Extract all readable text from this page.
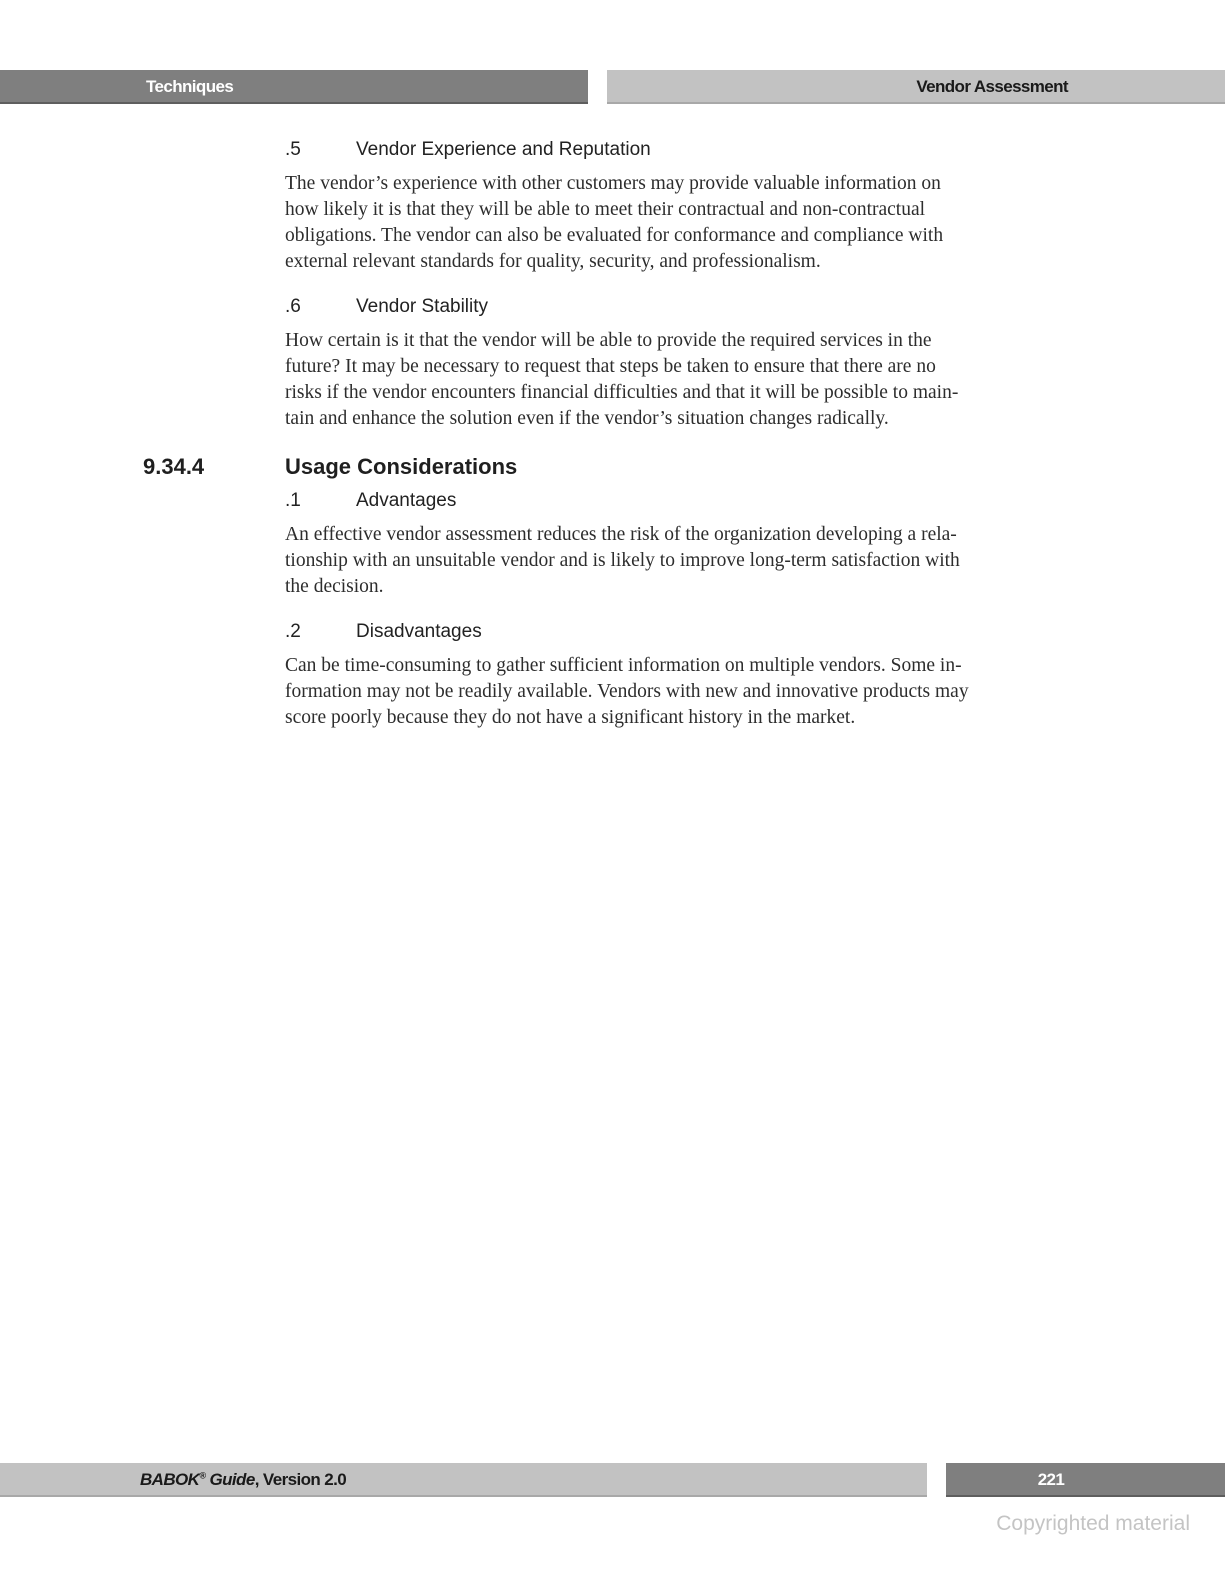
Techniques	Vendor Assessment
.5	Vendor Experience and Reputation
The vendor’s experience with other customers may provide valuable information on
how likely it is that they will be able to meet their contractual and non-contractual
obligations. The vendor can also be evaluated for conformance and compliance with
external relevant standards for quality, security, and professionalism.
.6	Vendor Stability
How certain is it that the vendor will be able to provide the required services in the
future? It may be necessary to request that steps be taken to ensure that there are no
risks if the vendor encounters financial difficulties and that it will be possible to main-
tain and enhance the solution even if the vendor’s situation changes radically.
9.34.4	Usage Considerations
.1	Advantages
An effective vendor assessment reduces the risk of the organization developing a rela-
tionship with an unsuitable vendor and is likely to improve long-term satisfaction with
the decision.
.2	Disadvantages
Can be time-consuming to gather sufficient information on multiple vendors. Some in-
formation may not be readily available. Vendors with new and innovative products may
score poorly because they do not have a significant history in the market.
BABOK® Guide, Version 2.0	221
Copyrighted material
